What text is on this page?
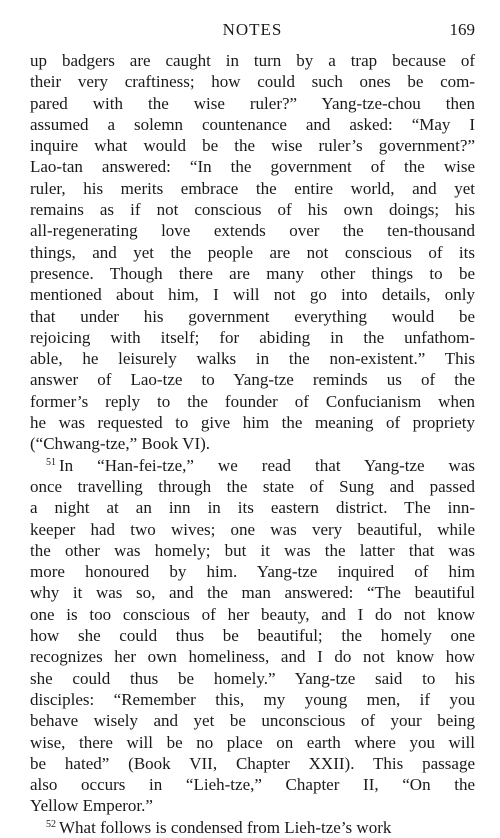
NOTES	169
up badgers are caught in turn by a trap because of
their very craftiness; how could such ones be com-
pared with the wise ruler?” Yang-tze-chou then
assumed a solemn countenance and asked: “May I
inquire what would be the wise ruler’s government?”
Lao-tan answered: “In the government of the wise
ruler, his merits embrace the entire world, and yet
remains as if not conscious of his own doings; his
all-regenerating love extends over the ten-thousand
things, and yet the people are not conscious of its
presence. Though there are many other things to be
mentioned about him, I will not go into details, only
that under his government everything would be
rejoicing with itself; for abiding in the unfathom-
able, he leisurely walks in the non-existent.” This
answer of Lao-tze to Yang-tze reminds us of the
former’s reply to the founder of Confucianism when
he was requested to give him the meaning of propriety
(“Chwang-tze,” Book VI).
$^{51}$ In “Han-fei-tze,” we read that Yang-tze was
once travelling through the state of Sung and passed
a night at an inn in its eastern district. The inn-
keeper had two wives; one was very beautiful, while
the other was homely; but it was the latter that was
more honoured by him. Yang-tze inquired of him
why it was so, and the man answered: “The beautiful
one is too conscious of her beauty, and I do not know
how she could thus be beautiful; the homely one
recognizes her own homeliness, and I do not know how
she could thus be homely.” Yang-tze said to his
disciples: “Remember this, my young men, if you
behave wisely and yet be unconscious of your being
wise, there will be no place on earth where you will
be hated” (Book VII, Chapter XXII). This passage
also occurs in “Lieh-tze,” Chapter II, “On the
Yellow Emperor.”
$^{52}$ What follows is condensed from Lieh-tze’s work
